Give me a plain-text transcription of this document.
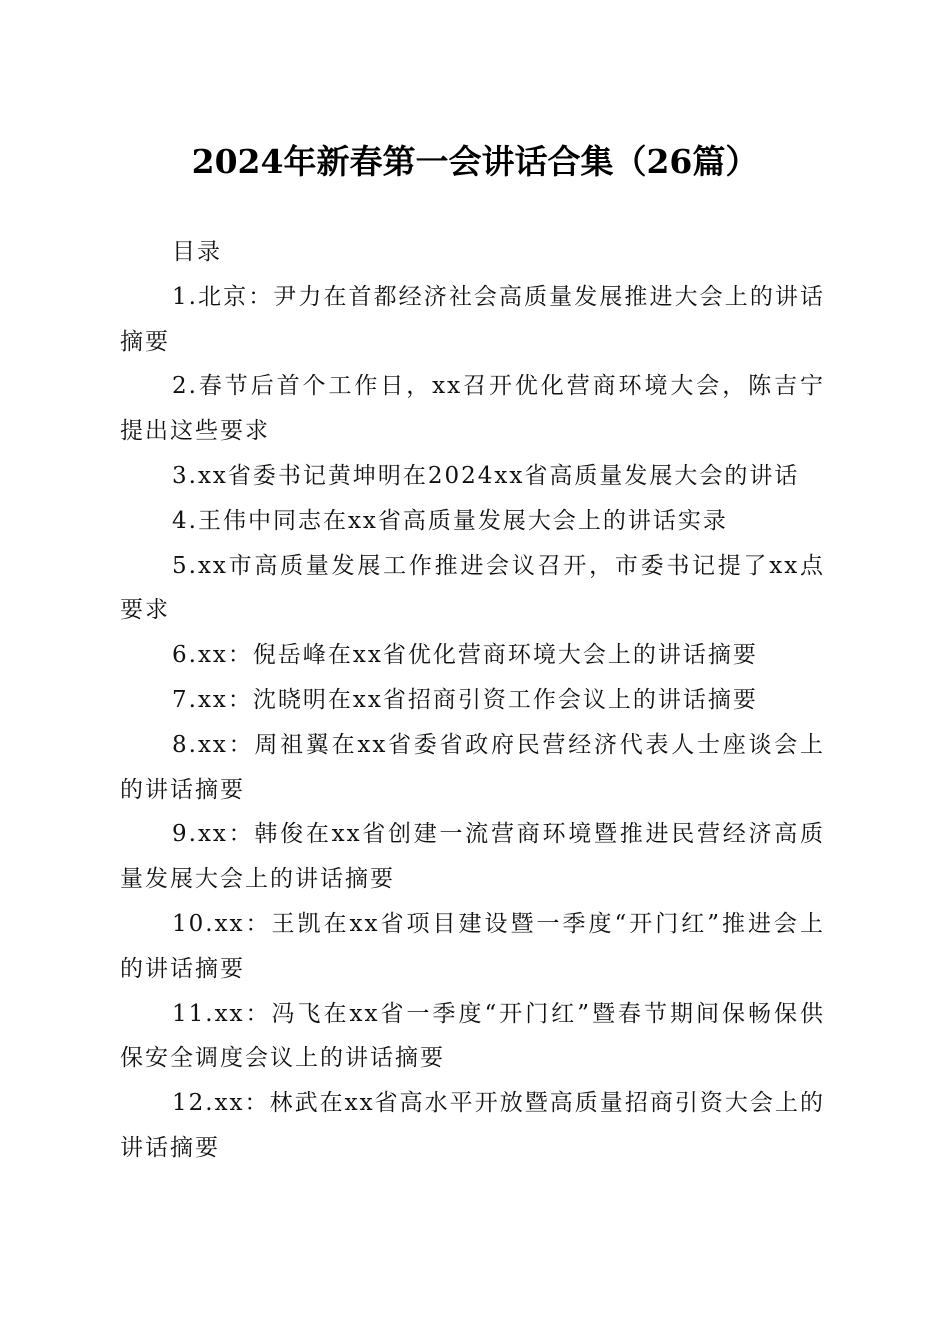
2024年新春第一会讲话合集（26篇）

目录

1.北京：尹力在首都经济社会高质量发展推进大会上的讲话摘要

2.春节后首个工作日，xx召开优化营商环境大会，陈吉宁提出这些要求

3.xx省委书记黄坤明在2024xx省高质量发展大会的讲话

4.王伟中同志在xx省高质量发展大会上的讲话实录

5.xx市高质量发展工作推进会议召开，市委书记提了xx点要求

6.xx：倪岳峰在xx省优化营商环境大会上的讲话摘要

7.xx：沈晓明在xx省招商引资工作会议上的讲话摘要

8.xx：周祖翼在xx省委省政府民营经济代表人士座谈会上的讲话摘要

9.xx：韩俊在xx省创建一流营商环境暨推进民营经济高质量发展大会上的讲话摘要

10.xx：王凯在xx省项目建设暨一季度“开门红”推进会上的讲话摘要

11.xx：冯飞在xx省一季度“开门红”暨春节期间保畅保供保安全调度会议上的讲话摘要

12.xx：林武在xx省高水平开放暨高质量招商引资大会上的讲话摘要
